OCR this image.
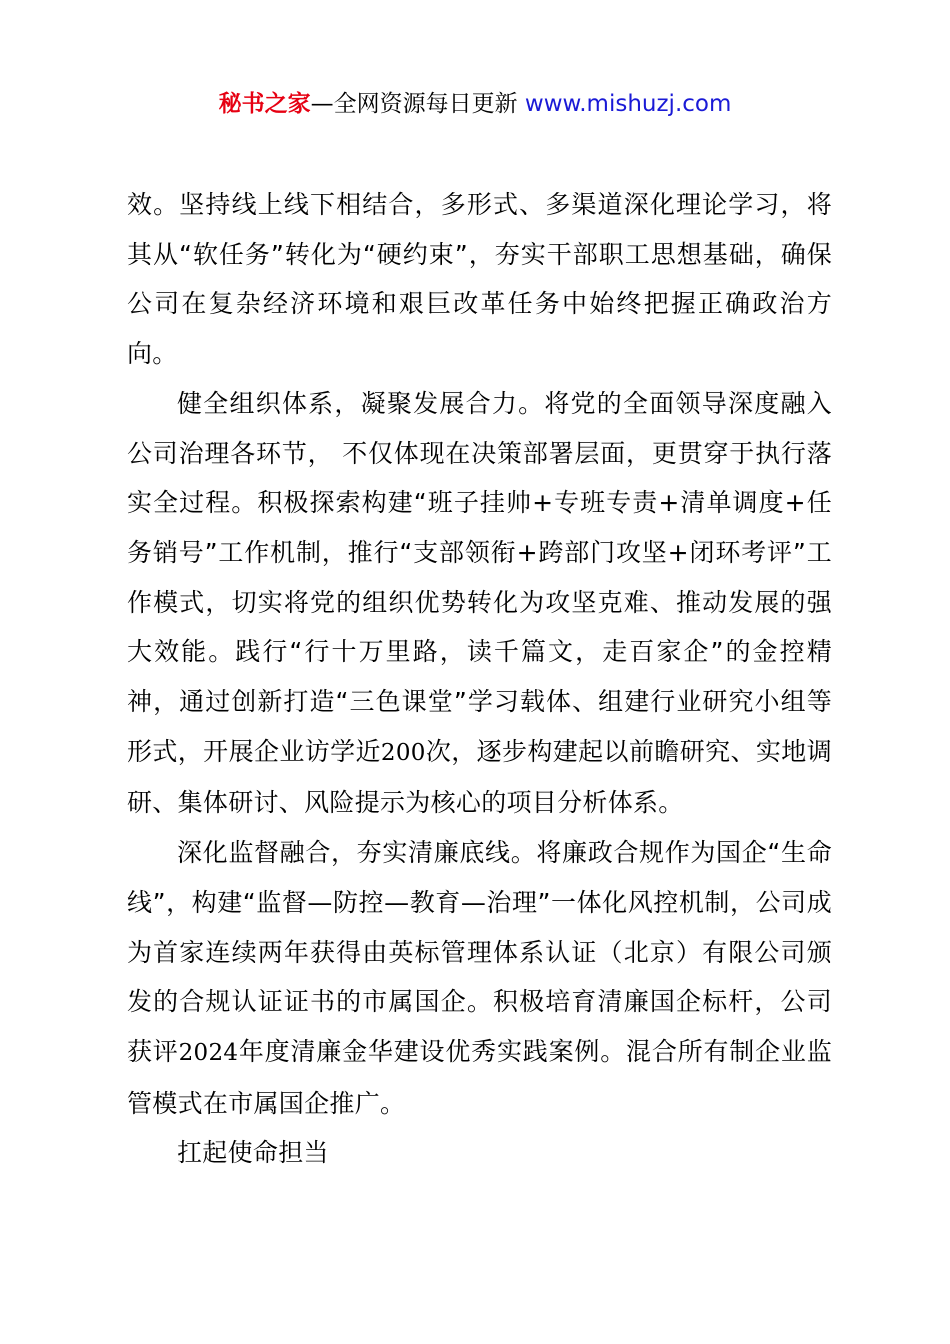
秘书之家—全网资源每日更新 www.mishuzj.com

效。坚持线上线下相结合，多形式、多渠道深化理论学习，将其从“软任务”转化为“硬约束”，夯实干部职工思想基础，确保公司在复杂经济环境和艰巨改革任务中始终把握正确政治方向。

健全组织体系，凝聚发展合力。将党的全面领导深度融入公司治理各环节， 不仅体现在决策部署层面，更贯穿于执行落实全过程。积极探索构建“班子挂帅+专班专责+清单调度+任务销号”工作机制，推行“支部领衔+跨部门攻坚+闭环考评”工作模式，切实将党的组织优势转化为攻坚克难、推动发展的强大效能。践行“行十万里路，读千篇文，走百家企”的金控精神，通过创新打造“三色课堂”学习载体、组建行业研究小组等形式，开展企业访学近200次，逐步构建起以前瞻研究、实地调研、集体研讨、风险提示为核心的项目分析体系。

深化监督融合，夯实清廉底线。将廉政合规作为国企“生命线”，构建“监督—防控—教育—治理”一体化风控机制，公司成为首家连续两年获得由英标管理体系认证（北京）有限公司颁发的合规认证证书的市属国企。积极培育清廉国企标杆，公司获评2024年度清廉金华建设优秀实践案例。混合所有制企业监管模式在市属国企推广。

扛起使命担当
